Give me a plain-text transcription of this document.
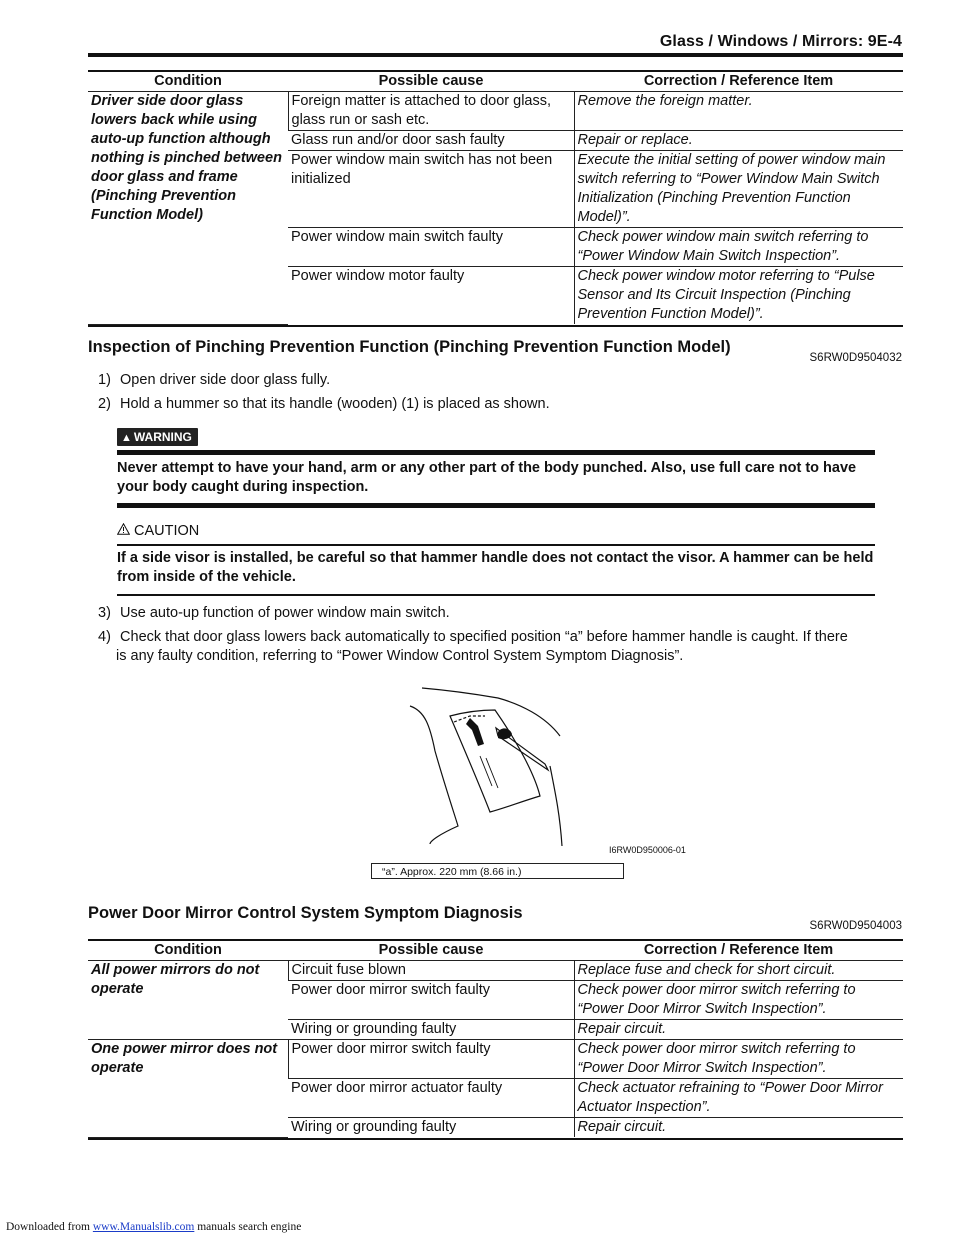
Glass / Windows / Mirrors: 9E-4
Condition	Possible cause	Correction / Reference Item
Driver side door glass lowers back while using auto-up function although nothing is pinched between door glass and frame (Pinching Prevention Function Model)	Foreign matter is attached to door glass, glass run or sash etc.	Remove the foreign matter.
	Glass run and/or door sash faulty	Repair or replace.
	Power window main switch has not been initialized	Execute the initial setting of power window main switch referring to “Power Window Main Switch Initialization (Pinching Prevention Function Model)”.
	Power window main switch faulty	Check power window main switch referring to “Power Window Main Switch Inspection”.
	Power window motor faulty	Check power window motor referring to “Pulse Sensor and Its Circuit Inspection (Pinching Prevention Function Model)”.
Inspection of Pinching Prevention Function (Pinching Prevention Function Model)
S6RW0D9504032
1) Open driver side door glass fully.
2) Hold a hummer so that its handle (wooden) (1) is placed as shown.
▲ WARNING
Never attempt to have your hand, arm or any other part of the body punched. Also, use full care not to have your body caught during inspection.
CAUTION
If a side visor is installed, be careful so that hammer handle does not contact the visor. A hammer can be held from inside of the vehicle.
3) Use auto-up function of power window main switch.
4) Check that door glass lowers back automatically to specified position “a” before hammer handle is caught. If there
is any faulty condition, referring to “Power Window Control System Symptom Diagnosis”.
I6RW0D950006-01
“a”. Approx. 220 mm (8.66 in.)
Power Door Mirror Control System Symptom Diagnosis
S6RW0D9504003
Condition	Possible cause	Correction / Reference Item
All power mirrors do not operate	Circuit fuse blown	Replace fuse and check for short circuit.
	Power door mirror switch faulty	Check power door mirror switch referring to “Power Door Mirror Switch Inspection”.
	Wiring or grounding faulty	Repair circuit.
One power mirror does not operate	Power door mirror switch faulty	Check power door mirror switch referring to “Power Door Mirror Switch Inspection”.
	Power door mirror actuator faulty	Check actuator refraining to “Power Door Mirror Actuator Inspection”.
	Wiring or grounding faulty	Repair circuit.
Downloaded from www.Manualslib.com manuals search engine
